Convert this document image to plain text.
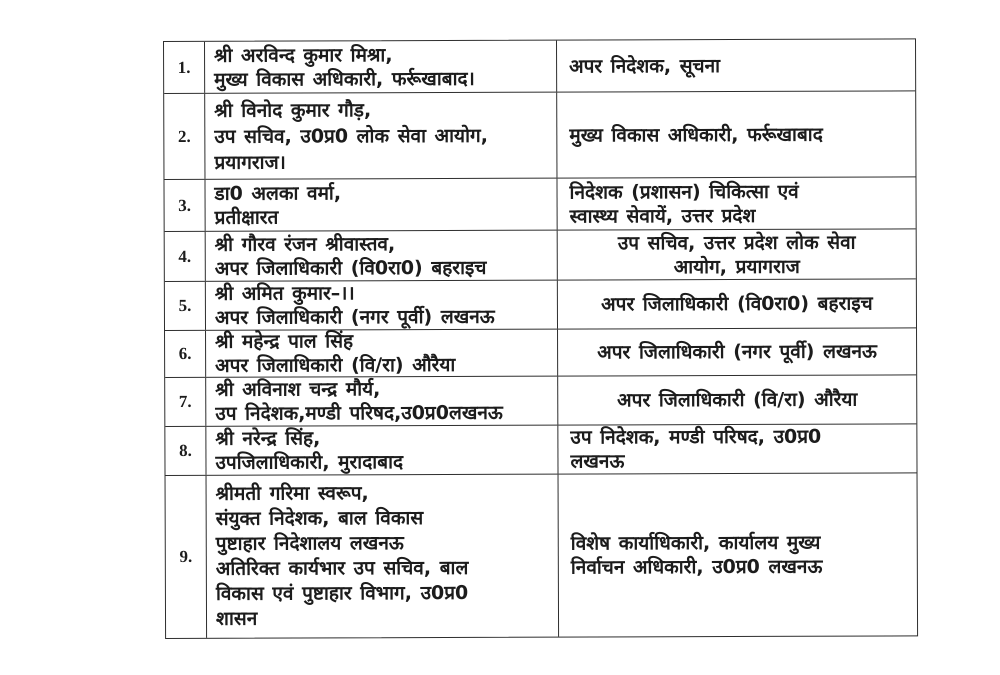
1.
श्री अरविन्द कुमार मिश्रा,
मुख्य विकास अधिकारी, फर्रूखाबाद।
अपर निदेशक, सूचना
2.
श्री विनोद कुमार गौड़,
उप सचिव, उ0प्र0 लोक सेवा आयोग,
प्रयागराज।
मुख्य विकास अधिकारी, फर्रूखाबाद
3.
डा0 अलका वर्मा,
प्रतीक्षारत
निदेशक (प्रशासन) चिकित्सा एवं
स्वास्थ्य सेवायें, उत्तर प्रदेश
4.
श्री गौरव रंजन श्रीवास्तव,
अपर जिलाधिकारी (वि0रा0) बहराइच
उप सचिव, उत्तर प्रदेश लोक सेवा
आयोग, प्रयागराज
5.
श्री अमित कुमार–।।
अपर जिलाधिकारी (नगर पूर्वी) लखनऊ
अपर जिलाधिकारी (वि0रा0) बहराइच
6.
श्री महेन्द्र पाल सिंह
अपर जिलाधिकारी (वि/रा) औरैया
अपर जिलाधिकारी (नगर पूर्वी) लखनऊ
7.
श्री अविनाश चन्द्र मौर्य,
उप निदेशक,मण्डी परिषद,उ0प्र0लखनऊ
अपर जिलाधिकारी (वि/रा) औरैया
8.
श्री नरेन्द्र सिंह,
उपजिलाधिकारी, मुरादाबाद
उप निदेशक, मण्डी परिषद, उ0प्र0
लखनऊ
9.
श्रीमती गरिमा स्वरूप,
संयुक्त निदेशक, बाल विकास
पुष्टाहार निदेशालय लखनऊ
अतिरिक्त कार्यभार उप सचिव, बाल
विकास एवं पुष्टाहार विभाग, उ0प्र0
शासन
विशेष कार्याधिकारी, कार्यालय मुख्य
निर्वाचन अधिकारी, उ0प्र0 लखनऊ
